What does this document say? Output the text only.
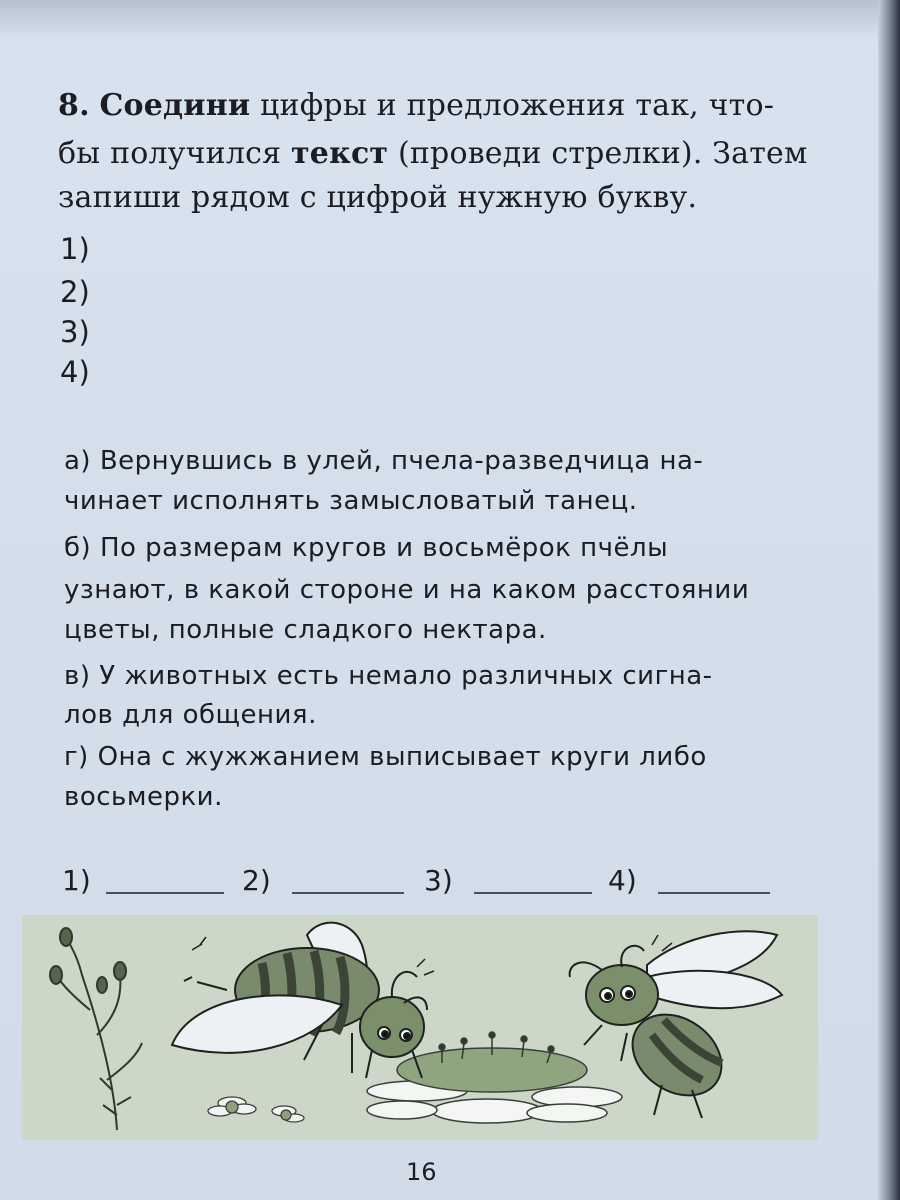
8. Соедини цифры и предложения так, что-
бы получился текст (проведи стрелки). Затем
запиши рядом с цифрой нужную букву.
1)
2)
3)
4)
а) Вернувшись в улей, пчела-разведчица на-
чинает исполнять замысловатый танец.
б) По размерам кругов и восьмёрок пчёлы
узнают, в какой стороне и на каком расстоянии
цветы, полные сладкого нектара.
в) У животных есть немало различных сигна-
лов для общения.
г) Она с жужжанием выписывает круги либо
восьмерки.
1)	2)	3)	4)
16
